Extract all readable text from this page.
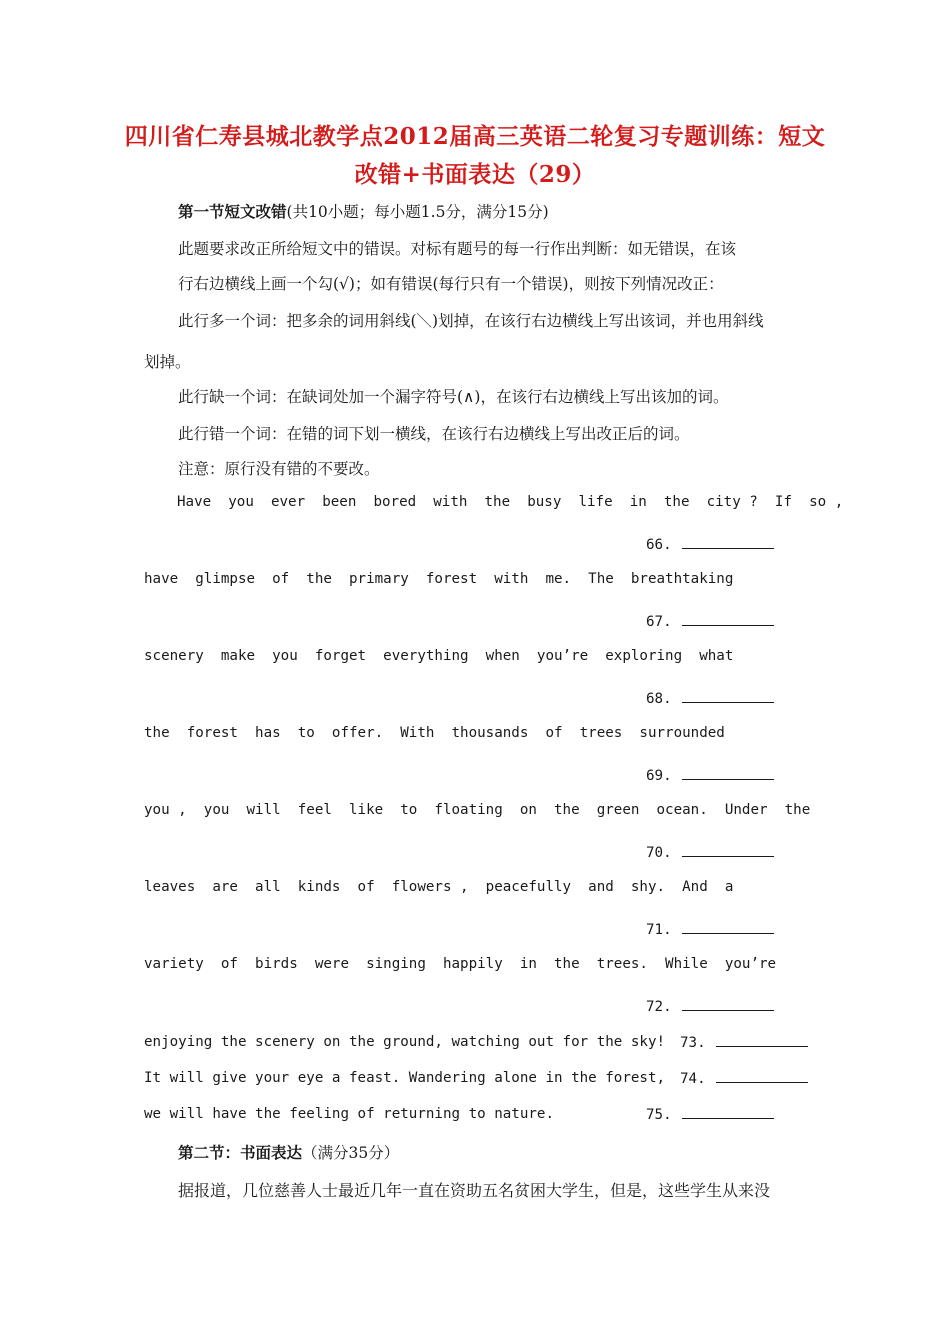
四川省仁寿县城北教学点2012届高三英语二轮复习专题训练：短文
改错+书面表达（29）
第一节短文改错(共10小题；每小题1.5分，满分15分)
此题要求改正所给短文中的错误。对标有题号的每一行作出判断：如无错误，在该
行右边横线上画一个勾(√)；如有错误(每行只有一个错误)，则按下列情况改正：
此行多一个词：把多余的词用斜线(＼)划掉，在该行右边横线上写出该词，并也用斜线
划掉。
此行缺一个词：在缺词处加一个漏字符号(∧)，在该行右边横线上写出该加的词。
此行错一个词：在错的词下划一横线，在该行右边横线上写出改正后的词。
注意：原行没有错的不要改。
Have  you  ever  been  bored  with  the  busy  life  in  the  city ?  If  so ,
66.
have  glimpse  of  the  primary  forest  with  me.  The  breathtaking
67.
scenery  make  you  forget  everything  when  you’re  exploring  what
68.
the  forest  has  to  offer.  With  thousands  of  trees  surrounded
69.
you ,  you  will  feel  like  to  floating  on  the  green  ocean.  Under  the
70.
leaves  are  all  kinds  of  flowers ,  peacefully  and  shy.  And  a
71.
variety  of  birds  were  singing  happily  in  the  trees.  While  you’re
72.
enjoying the scenery on the ground, watching out for the sky! 73.
It will give your eye a feast. Wandering alone in the forest, 74.
we will have the feeling of returning to nature.	75.
第二节：书面表达（满分35分）
据报道，几位慈善人士最近几年一直在资助五名贫困大学生，但是，这些学生从来没
